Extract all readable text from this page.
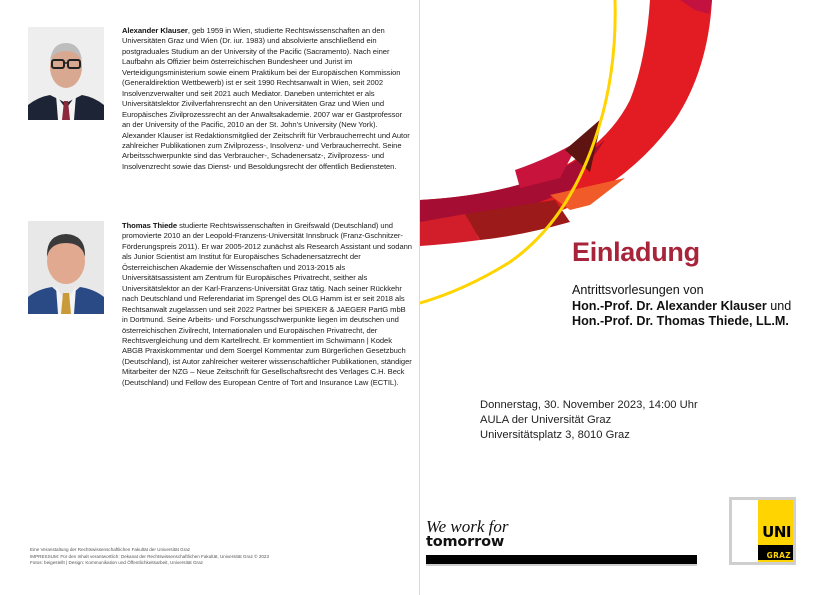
Alexander Klauser, geb 1959 in Wien, studierte Rechtswissenschaften an den Universitäten Graz und Wien (Dr. iur. 1983) und absolvierte anschließend ein postgraduales Studium an der University of the Pacific (Sacramento). Nach einer Laufbahn als Offizier beim österreichischen Bundesheer und Jurist im Verteidigungsministerium sowie einem Praktikum bei der Europäischen Kommission (Generaldirektion Wettbewerb) ist er seit 1990 Rechtsanwalt in Wien, seit 2002 Insolvenzverwalter und seit 2021 auch Mediator. Daneben unterrichtet er als Universitätslektor Zivilverfahrensrecht an den Universitäten Graz und Wien und Europäisches Zivilprozessrecht an der Anwaltsakademie. 2007 war er Gastprofessor an der University of the Pacific, 2010 an der St. John’s University (New York). Alexander Klauser ist Redaktionsmitglied der Zeitschrift für Verbraucherrecht und Autor zahlreicher Publikationen zum Zivilprozess-, Insolvenz- und Verbraucherrecht. Seine Arbeitsschwerpunkte sind das Verbraucher-, Schadenersatz-, Zivilprozess- und Insolvenzrecht sowie das Dienst- und Besoldungsrecht der öffentlich Bediensteten.
Thomas Thiede studierte Rechtswissenschaften in Greifswald (Deutschland) und promovierte 2010 an der Leopold-Franzens-Universität Innsbruck (Franz-Gschnitzer-Förderungspreis 2011). Er war 2005-2012 zunächst als Research Assistant und sodann als Junior Scientist am Institut für Europäisches Schadenersatzrecht der Österreichischen Akademie der Wissenschaften und 2013-2015 als Universitätsassistent am Zentrum für Europäisches Privatrecht, seither als Universitätslektor an der Karl-Franzens-Universität Graz tätig. Nach seiner Rückkehr nach Deutschland und Referendariat im Sprengel des OLG Hamm ist er seit 2018 als Rechtsanwalt zugelassen und seit 2022 Partner bei SPIEKER & JAEGER PartG mbB in Dortmund. Seine Arbeits- und Forschungsschwerpunkte liegen im deutschen und österreichischen Zivilrecht, Internationalen und Europäischen Privatrecht, der Rechtsvergleichung und dem Kartellrecht. Er kommentiert im Schwimann | Kodek ABGB Praxiskommentar und dem Soergel Kommentar zum Bürgerlichen Gesetzbuch (Deutschland), ist Autor zahlreicher weiterer wissenschaftlicher Publikationen, ständiger Mitarbeiter der NZG – Neue Zeitschrift für Gesellschaftsrecht des Verlages C.H. Beck (Deutschland) und Fellow des European Centre of Tort and Insurance Law (ECTIL).
Eine Veranstaltung der Rechtswissenschaftlichen Fakultät der Universität Graz
IMPRESSUM: Für den Inhalt verantwortlich: Dekanat der Rechtswissenschaftlichen Fakultät, Universität Graz © 2023
Fotos: beigestellt | Design: Kommunikation und Öffentlichkeitsarbeit, Universität Graz
Einladung
Antrittsvorlesungen von
Hon.-Prof. Dr. Alexander Klauser und
Hon.-Prof. Dr. Thomas Thiede, LL.M.
Donnerstag, 30. November 2023, 14:00 Uhr
AULA der Universität Graz
Universitätsplatz 3, 8010 Graz
We work for
tomorrow
UNI
GRAZ
